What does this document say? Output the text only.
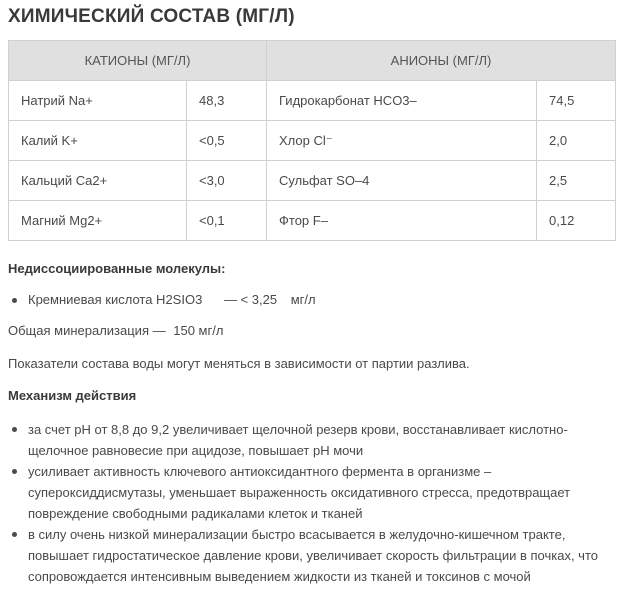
ХИМИЧЕСКИЙ СОСТАВ (МГ/Л)
КАТИОНЫ (МГ/Л)		АНИОНЫ (МГ/Л)	
Натрий Na+	48,3	Гидрокарбонат HCO3–	74,5
Калий K+	<0,5	Хлор Cl⁻	2,0
Кальций Ca2+	<3,0	Сульфат SO–4	2,5
Магний Mg2+	<0,1	Фтор F–	0,12
Недиссоциированные молекулы:
Кремниевая кислота H2SIO3 — < 3,25 мг/л
Общая минерализация — 150 мг/л
Показатели состава воды могут меняться в зависимости от партии разлива.
Механизм действия
за счет pH от 8,8 до 9,2 увеличивает щелочной резерв крови, восстанавливает кислотно-щелочное равновесие при ацидозе, повышает pH мочи
усиливает активность ключевого антиоксидантного фермента в организме – супероксиддисмутазы, уменьшает выраженность оксидативного стресса, предотвращает повреждение свободными радикалами клеток и тканей
в силу очень низкой минерализации быстро всасывается в желудочно-кишечном тракте, повышает гидростатическое давление крови, увеличивает скорость фильтрации в почках, что сопровождается интенсивным выведением жидкости из тканей и токсинов с мочой
